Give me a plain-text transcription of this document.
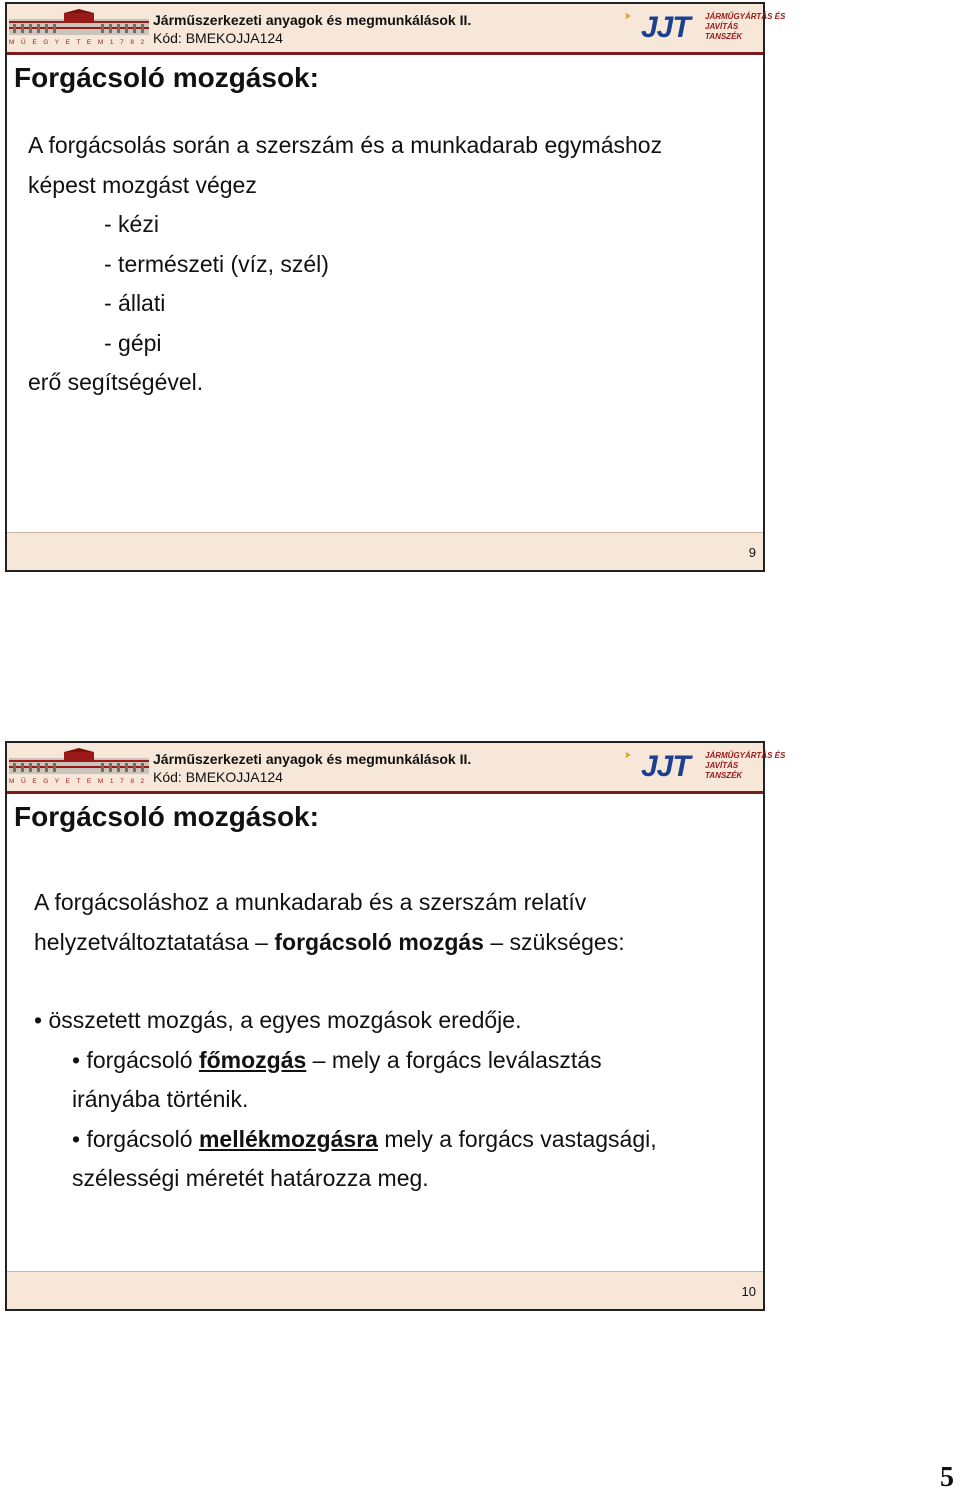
M Ű E G Y E T E M 1 7 8 2
Járműszerkezeti anyagok és megmunkálások II.
Kód: BMEKOJJA124	JJT	JÁRMŰGYÁRTÁS ÉS
JAVÍTÁS
TANSZÉK
Forgácsoló mozgások:
A forgácsolás során a szerszám és a munkadarab egymáshoz
képest mozgást végez
- kézi
- természeti (víz, szél)
- állati
- gépi
erő segítségével.
9
M Ű E G Y E T E M 1 7 8 2
Járműszerkezeti anyagok és megmunkálások II.
Kód: BMEKOJJA124	JJT	JÁRMŰGYÁRTÁS ÉS
JAVÍTÁS
TANSZÉK
Forgácsoló mozgások:
A forgácsoláshoz a munkadarab és a szerszám relatív
helyzetváltoztatatása – forgácsoló mozgás – szükséges:
• összetett mozgás, a egyes mozgások eredője.
• forgácsoló főmozgás – mely a forgács leválasztás
irányába történik.
• forgácsoló mellékmozgásra mely a forgács vastagsági,
szélességi méretét határozza meg.
10
5
